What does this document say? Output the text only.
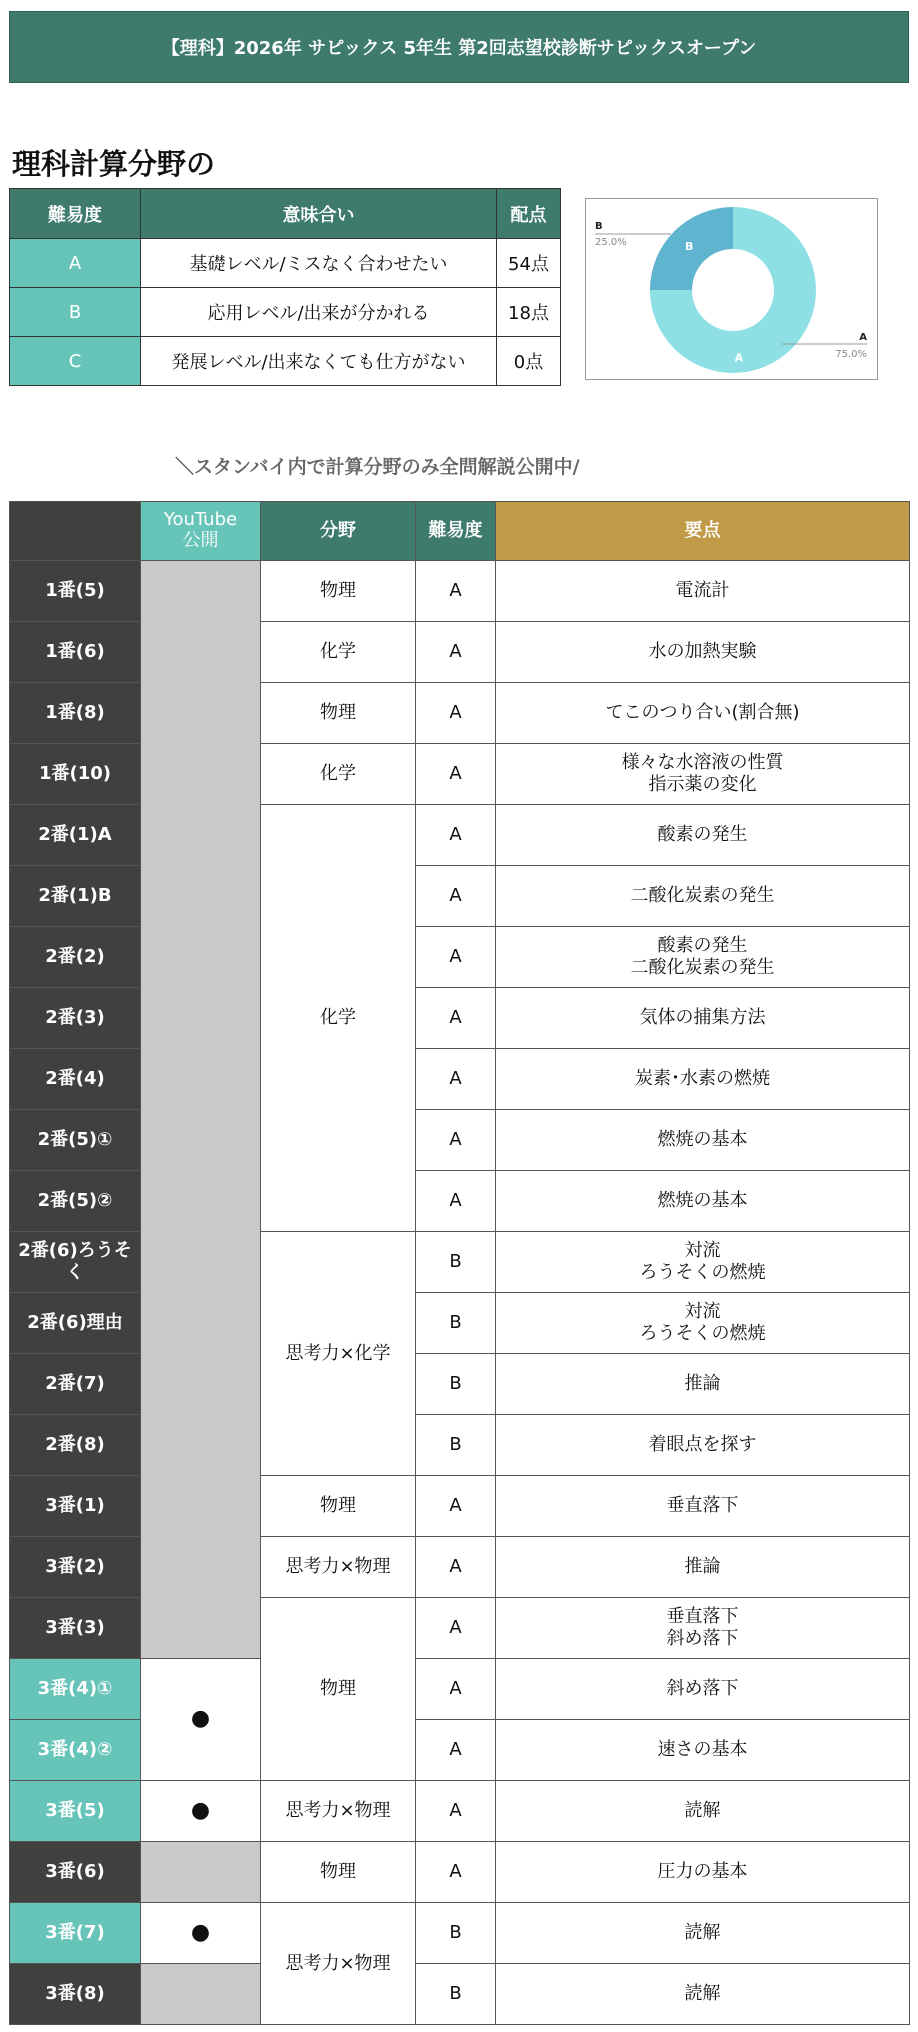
【理科】2026年 サピックス 5年生 第2回志望校診断サピックスオープン
理科計算分野の
難易度	意味合い	配点
A	基礎レベル/ミスなく合わせたい	54点
B	応用レベル/出来が分かれる	18点
C	発展レベル/出来なくても仕方がない	0点	A
B
A
75.0%
B
25.0%
＼スタンバイ内で計算分野のみ全問解説公開中/
	YouTube
公開	分野	難易度	要点
1番(5)		物理	A	電流計
1番(6)		化学	A	水の加熱実験
1番(8)		物理	A	てこのつり合い(割合無)
1番(10)		化学	A	様々な水溶液の性質
指示薬の変化
2番(1)A		化学	A	酸素の発生
2番(1)B			A	二酸化炭素の発生
2番(2)			A	酸素の発生
二酸化炭素の発生
2番(3)			A	気体の捕集方法
2番(4)			A	炭素･水素の燃焼
2番(5)①			A	燃焼の基本
2番(5)②			A	燃焼の基本
2番(6)ろうそく		思考力×化学	B	対流
ろうそくの燃焼
2番(6)理由			B	対流
ろうそくの燃焼
2番(7)			B	推論
2番(8)			B	着眼点を探す
3番(1)		物理	A	垂直落下
3番(2)		思考力×物理	A	推論
3番(3)		物理	A	垂直落下
斜め落下
3番(4)①	●		A	斜め落下
3番(4)②			A	速さの基本
3番(5)	●	思考力×物理	A	読解
3番(6)		物理	A	圧力の基本
3番(7)	●	思考力×物理	B	読解
3番(8)			B	読解
